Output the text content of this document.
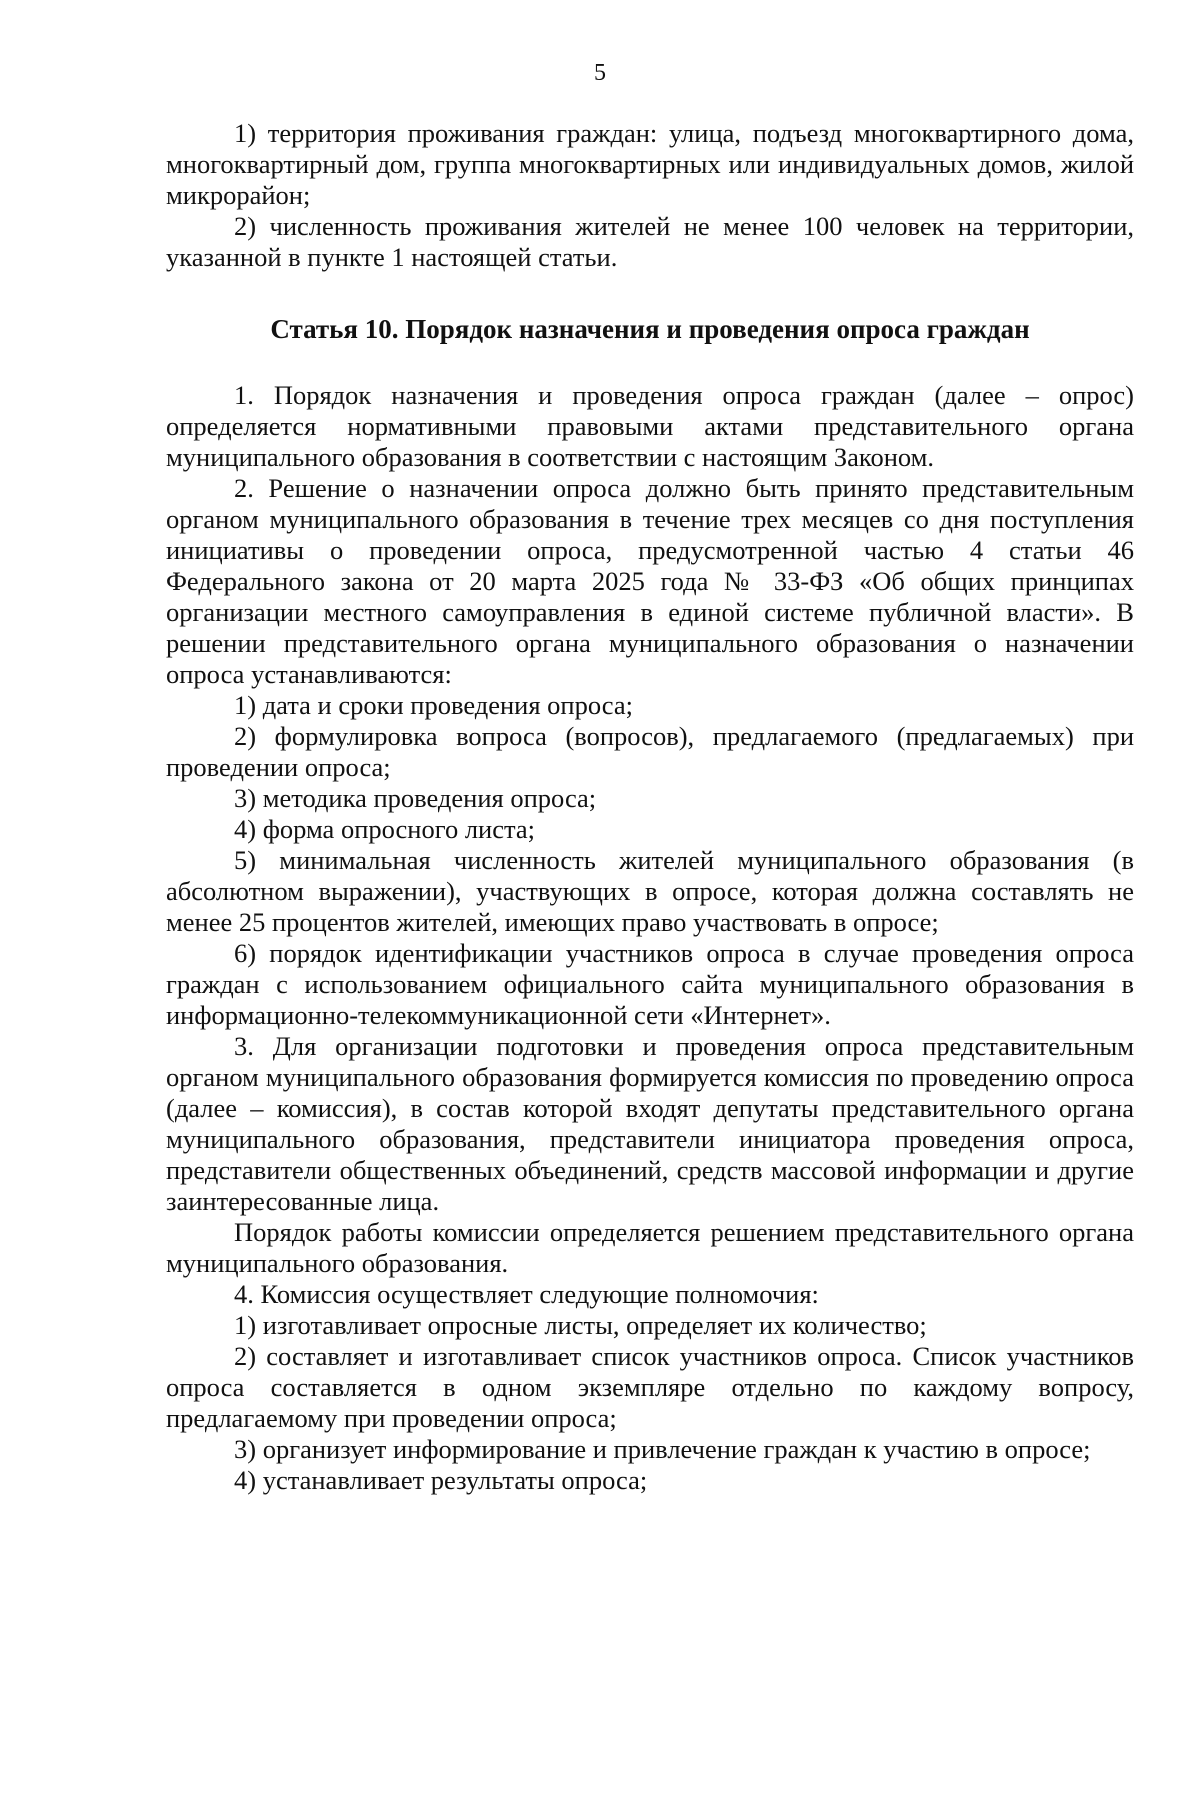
5

1) территория проживания граждан: улица, подъезд многоквартирного дома, многоквартирный дом, группа многоквартирных или индивидуальных домов, жилой микрорайон;

2) численность проживания жителей не менее 100 человек на территории, указанной в пункте 1 настоящей статьи.

Статья 10. Порядок назначения и проведения опроса граждан

1. Порядок назначения и проведения опроса граждан (далее – опрос) определяется нормативными правовыми актами представительного органа муниципального образования в соответствии с настоящим Законом.

2. Решение о назначении опроса должно быть принято представительным органом муниципального образования в течение трех месяцев со дня поступления инициативы о проведении опроса, предусмотренной частью 4 статьи 46 Федерального закона от 20 марта 2025 года № 33-ФЗ «Об общих принципах организации местного самоуправления в единой системе публичной власти». В решении представительного органа муниципального образования о назначении опроса устанавливаются:

1) дата и сроки проведения опроса;

2) формулировка вопроса (вопросов), предлагаемого (предлагаемых) при проведении опроса;

3) методика проведения опроса;

4) форма опросного листа;

5) минимальная численность жителей муниципального образования (в абсолютном выражении), участвующих в опросе, которая должна составлять не менее 25 процентов жителей, имеющих право участвовать в опросе;

6) порядок идентификации участников опроса в случае проведения опроса граждан с использованием официального сайта муниципального образования в информационно-телекоммуникационной сети «Интернет».

3. Для организации подготовки и проведения опроса представительным органом муниципального образования формируется комиссия по проведению опроса (далее – комиссия), в состав которой входят депутаты представительного органа муниципального образования, представители инициатора проведения опроса, представители общественных объединений, средств массовой информации и другие заинтересованные лица.

Порядок работы комиссии определяется решением представительного органа муниципального образования.

4. Комиссия осуществляет следующие полномочия:

1) изготавливает опросные листы, определяет их количество;

2) составляет и изготавливает список участников опроса. Список участников опроса составляется в одном экземпляре отдельно по каждому вопросу, предлагаемому при проведении опроса;

3) организует информирование и привлечение граждан к участию в опросе;

4) устанавливает результаты опроса;
